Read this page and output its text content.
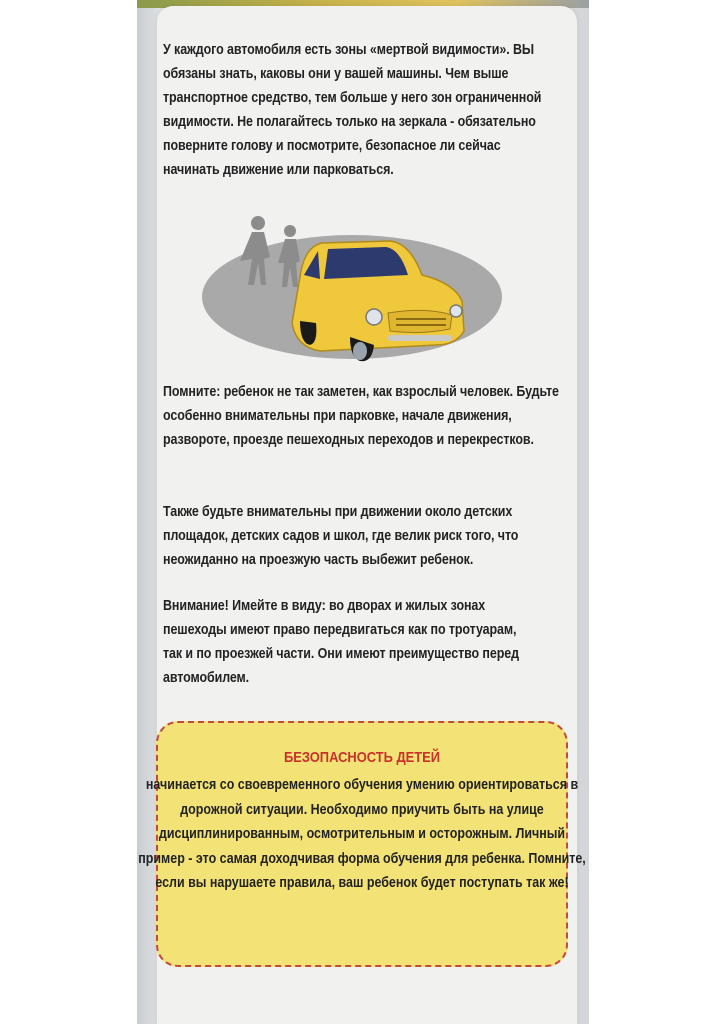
У каждого автомобиля есть зоны «мертвой видимости». ВЫ обязаны знать, каковы они у вашей машины. Чем выше транспортное средство, тем больше у него зон ограниченной видимости. Не полагайтесь только на зеркала - обязательно поверните голову и посмотрите, безопасное ли сейчас начинать движение или парковаться.

Помните: ребенок не так заметен, как взрослый человек. Будьте особенно внимательны при парковке, начале движения, развороте, проезде пешеходных переходов и перекрестков.

Также будьте внимательны при движении около детских площадок, детских садов и школ, где велик риск того, что неожиданно на проезжую часть выбежит ребенок.

Внимание! Имейте в виду: во дворах и жилых зонах пешеходы имеют право передвигаться как по тротуарам, так и по проезжей части. Они имеют преимущество перед автомобилем.

БЕЗОПАСНОСТЬ ДЕТЕЙ

начинается со своевременного обучения умению ориентироваться в дорожной ситуации. Необходимо приучить быть на улице дисциплинированным, осмотрительным и осторожным. Личный пример - это самая доходчивая форма обучения для ребенка. Помните, если вы нарушаете правила, ваш ребенок будет поступать так же!
